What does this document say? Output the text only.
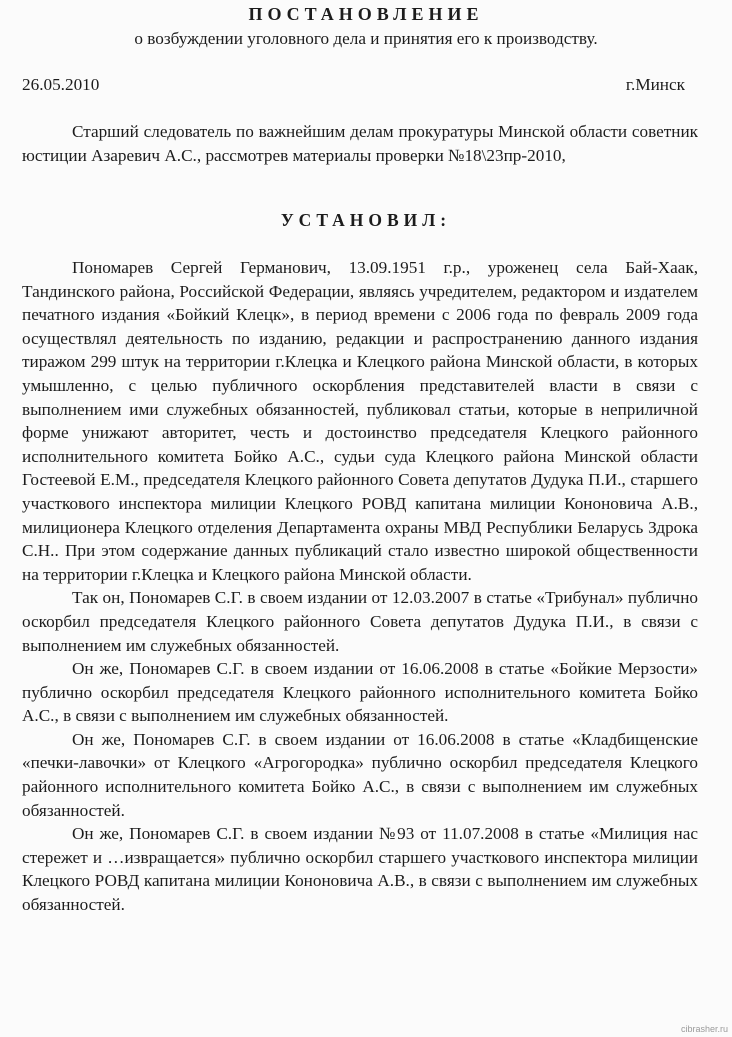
ПОСТАНОВЛЕНИЕ
о возбуждении уголовного дела и принятия его к производству.
26.05.2010	г.Минск
Старший следователь по важнейшим делам прокуратуры Минской области советник юстиции Азаревич А.С., рассмотрев материалы проверки №18\23пр-2010,
УСТАНОВИЛ:

Пономарев Сергей Германович, 13.09.1951 г.р., уроженец села Бай-Хаак, Тандинского района, Российской Федерации, являясь учредителем, редактором и издателем печатного издания «Бойкий Клецк», в период времени с 2006 года по февраль 2009 года осуществлял деятельность по изданию, редакции и распространению данного издания тиражом 299 штук на территории г.Клецка и Клецкого района Минской области, в которых умышленно, с целью публичного оскорбления представителей власти в связи с выполнением ими служебных обязанностей, публиковал статьи, которые в неприличной форме унижают авторитет, честь и достоинство председателя Клецкого районного исполнительного комитета Бойко А.С., судьи суда Клецкого района Минской области Гостеевой Е.М., председателя Клецкого районного Совета депутатов Дудука П.И., старшего участкового инспектора милиции Клецкого РОВД капитана милиции Кононовича А.В., милиционера Клецкого отделения Департамента охраны МВД Республики Беларусь Здрока С.Н.. При этом содержание данных публикаций стало известно широкой общественности на территории г.Клецка и Клецкого района Минской области.

Так он, Пономарев С.Г. в своем издании от 12.03.2007 в статье «Трибунал» публично оскорбил председателя Клецкого районного Совета депутатов Дудука П.И., в связи с выполнением им служебных обязанностей.

Он же, Пономарев С.Г. в своем издании от 16.06.2008 в статье «Бойкие Мерзости» публично оскорбил председателя Клецкого районного исполнительного комитета Бойко А.С., в связи с выполнением им служебных обязанностей.

Он же, Пономарев С.Г. в своем издании от 16.06.2008 в статье «Кладбищенские «печки-лавочки» от Клецкого «Агрогородка» публично оскорбил председателя Клецкого районного исполнительного комитета Бойко А.С., в связи с выполнением им служебных обязанностей.

Он же, Пономарев С.Г. в своем издании №93 от 11.07.2008 в статье «Милиция нас стережет и …извращается» публично оскорбил старшего участкового инспектора милиции Клецкого РОВД капитана милиции Кононовича А.В., в связи с выполнением им служебных обязанностей.

cibrasher.ru
